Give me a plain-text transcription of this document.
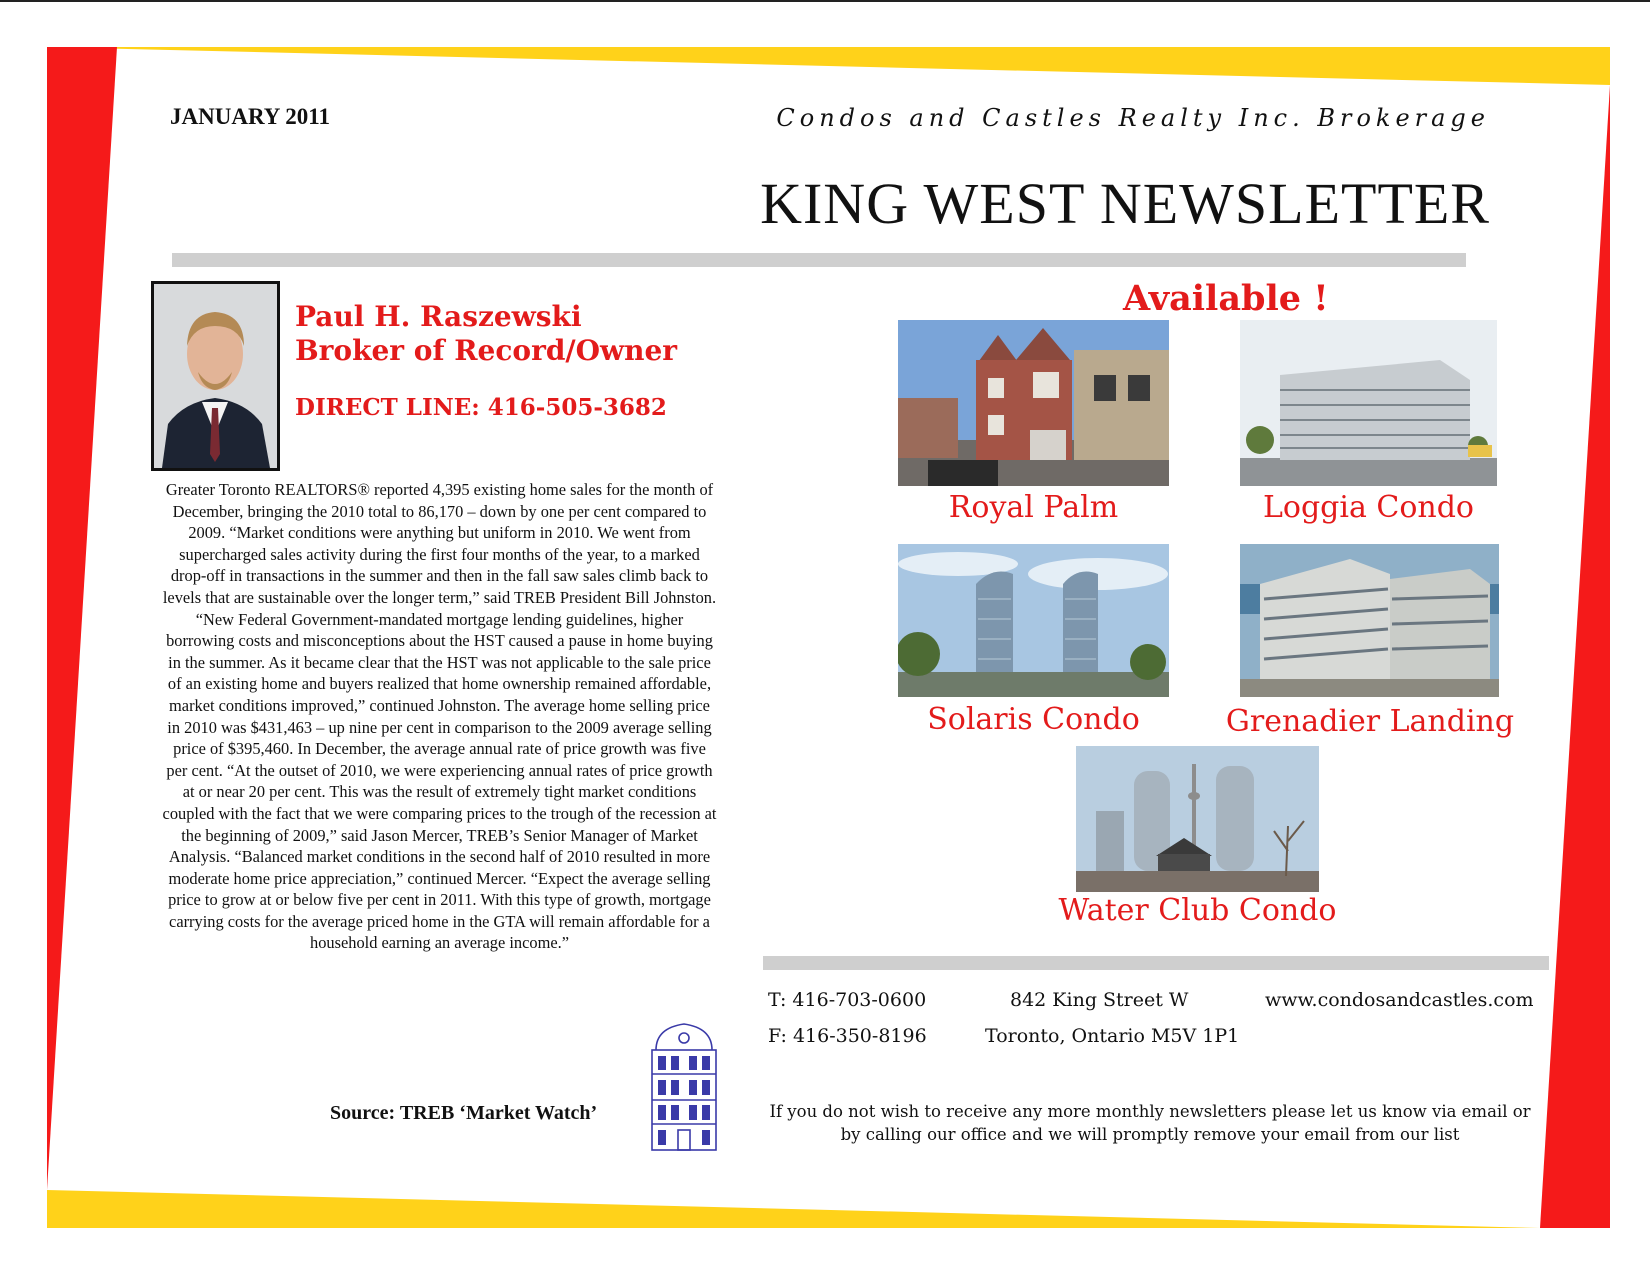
JANUARY 2011	Condos and Castles Realty Inc. Brokerage
KING WEST NEWSLETTER
Paul H. Raszewski
Broker of Record/Owner
DIRECT LINE: 416-505-3682
Greater Toronto REALTORS® reported 4,395 existing home sales for the month of December, bringing the 2010 total to 86,170 – down by one per cent compared to 2009. “Market conditions were anything but uniform in 2010. We went from supercharged sales activity during the first four months of the year, to a marked drop-off in transactions in the summer and then in the fall saw sales climb back to levels that are sustainable over the longer term,” said TREB President Bill Johnston. “New Federal Government-mandated mortgage lending guidelines, higher borrowing costs and misconceptions about the HST caused a pause in home buying in the summer. As it became clear that the HST was not applicable to the sale price of an existing home and buyers realized that home ownership remained affordable, market conditions improved,” continued Johnston. The average home selling price in 2010 was $431,463 – up nine per cent in comparison to the 2009 average selling price of $395,460. In December, the average annual rate of price growth was five per cent. “At the outset of 2010, we were experiencing annual rates of price growth at or near 20 per cent. This was the result of extremely tight market conditions coupled with the fact that we were comparing prices to the trough of the recession at the beginning of 2009,” said Jason Mercer, TREB’s Senior Manager of Market Analysis. “Balanced market conditions in the second half of 2010 resulted in more moderate home price appreciation,” continued Mercer. “Expect the average selling price to grow at or below five per cent in 2011. With this type of growth, mortgage carrying costs for the average priced home in the GTA will remain affordable for a household earning an average income.”
Source: TREB ‘Market Watch’
Available !
Royal Palm	Loggia Condo
Solaris Condo	Grenadier Landing
Water Club Condo
T: 416-703-0600
F: 416-350-8196
842 King Street W
Toronto, Ontario M5V 1P1
www.condosandcastles.com
If you do not wish to receive any more monthly newsletters please let us know via email or by calling our office and we will promptly remove your email from our list
